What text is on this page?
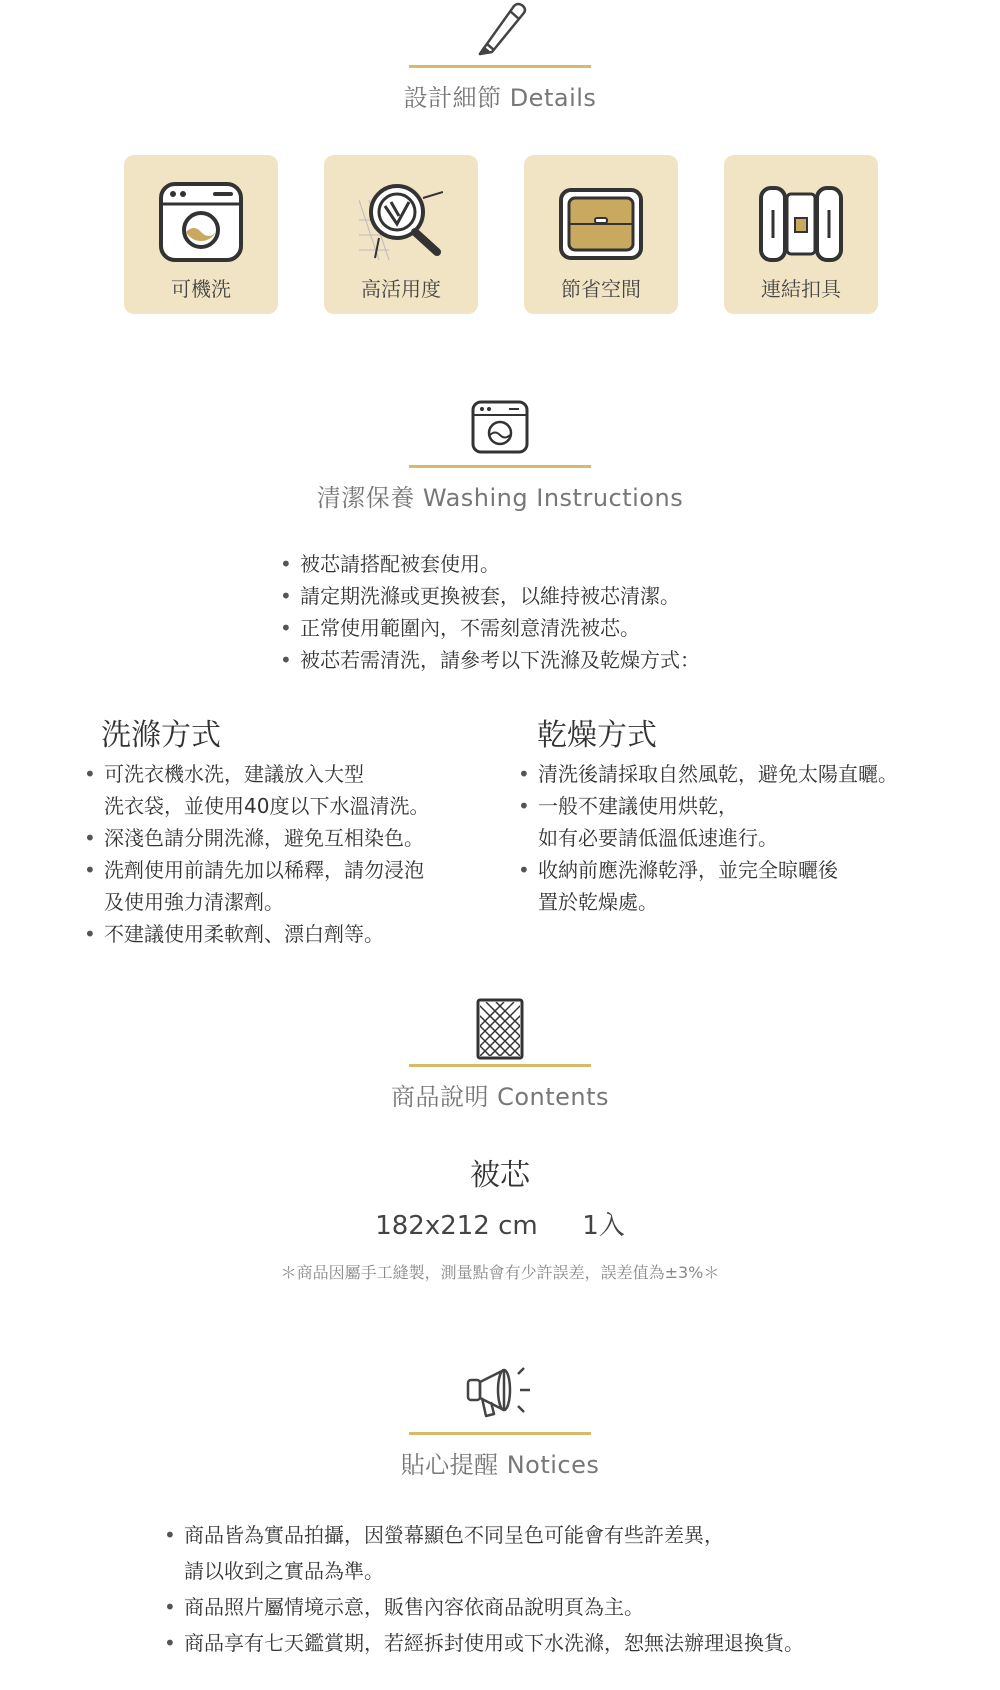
設計細節 Details
可機洗	高活用度	節省空間	連結扣具
清潔保養 Washing Instructions
• 被芯請搭配被套使用。
• 請定期洗滌或更換被套，以維持被芯清潔。
• 正常使用範圍內，不需刻意清洗被芯。
• 被芯若需清洗，請參考以下洗滌及乾燥方式：
洗滌方式
• 可洗衣機水洗，建議放入大型
洗衣袋，並使用40度以下水溫清洗。
• 深淺色請分開洗滌，避免互相染色。
• 洗劑使用前請先加以稀釋，請勿浸泡
及使用強力清潔劑。
• 不建議使用柔軟劑、漂白劑等。
乾燥方式
• 清洗後請採取自然風乾，避免太陽直曬。
• 一般不建議使用烘乾，
如有必要請低溫低速進行。
• 收納前應洗滌乾淨，並完全晾曬後
置於乾燥處。
商品說明 Contents
被芯
182x212 cm 1入
＊商品因屬手工縫製，測量點會有少許誤差，誤差值為±3%＊
貼心提醒 Notices
• 商品皆為實品拍攝，因螢幕顯色不同呈色可能會有些許差異，
請以收到之實品為準。
• 商品照片屬情境示意，販售內容依商品說明頁為主。
• 商品享有七天鑑賞期，若經拆封使用或下水洗滌，恕無法辦理退換貨。
